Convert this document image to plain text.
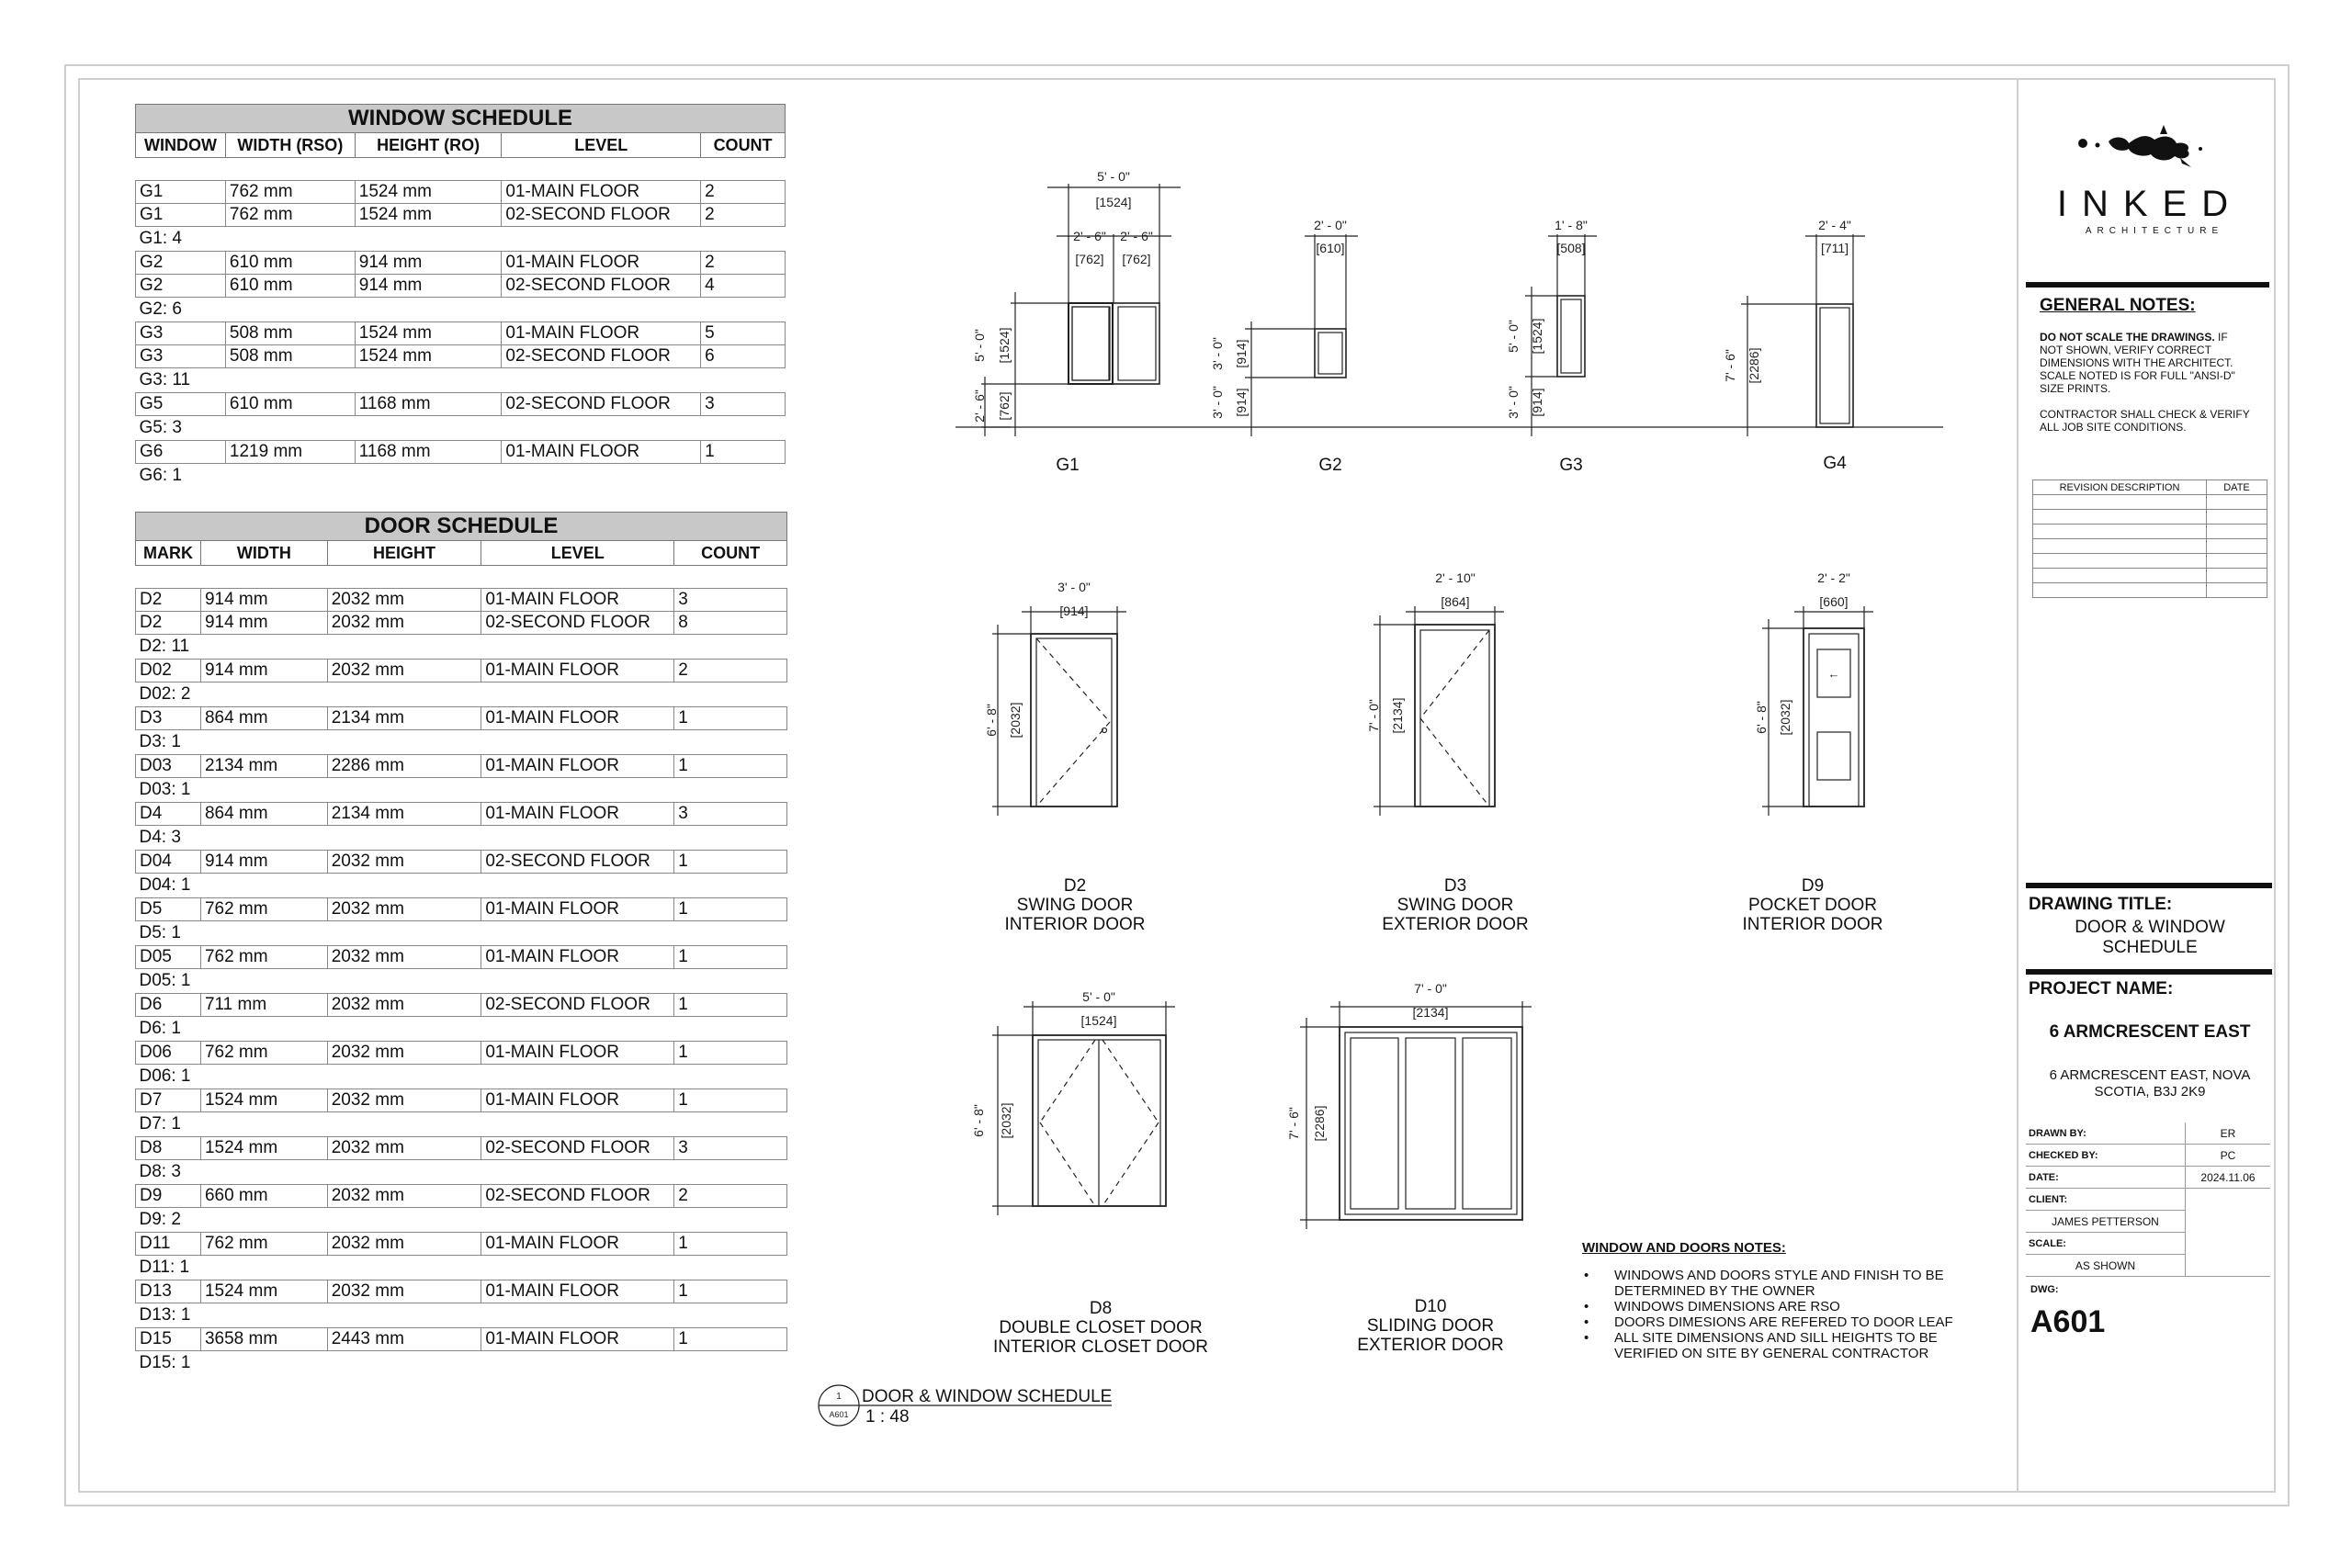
WINDOW SCHEDULE				
WINDOW	WIDTH (RSO)	HEIGHT (RO)	LEVEL	COUNT

G1	762 mm	1524 mm	01-MAIN FLOOR	2
G1	762 mm	1524 mm	02-SECOND FLOOR	2
G1: 4				
G2	610 mm	914 mm	01-MAIN FLOOR	2
G2	610 mm	914 mm	02-SECOND FLOOR	4
G2: 6				
G3	508 mm	1524 mm	01-MAIN FLOOR	5
G3	508 mm	1524 mm	02-SECOND FLOOR	6
G3: 11				
G5	610 mm	1168 mm	02-SECOND FLOOR	3
G5: 3				
G6	1219 mm	1168 mm	01-MAIN FLOOR	1
G6: 1				
DOOR SCHEDULE				
MARK	WIDTH	HEIGHT	LEVEL	COUNT

D2	914 mm	2032 mm	01-MAIN FLOOR	3
D2	914 mm	2032 mm	02-SECOND FLOOR	8
D2: 11				
D02	914 mm	2032 mm	01-MAIN FLOOR	2
D02: 2				
D3	864 mm	2134 mm	01-MAIN FLOOR	1
D3: 1				
D03	2134 mm	2286 mm	01-MAIN FLOOR	1
D03: 1				
D4	864 mm	2134 mm	01-MAIN FLOOR	3
D4: 3				
D04	914 mm	2032 mm	02-SECOND FLOOR	1
D04: 1				
D5	762 mm	2032 mm	01-MAIN FLOOR	1
D5: 1				
D05	762 mm	2032 mm	01-MAIN FLOOR	1
D05: 1				
D6	711 mm	2032 mm	02-SECOND FLOOR	1
D6: 1				
D06	762 mm	2032 mm	01-MAIN FLOOR	1
D06: 1				
D7	1524 mm	2032 mm	01-MAIN FLOOR	1
D7: 1				
D8	1524 mm	2032 mm	02-SECOND FLOOR	3
D8: 3				
D9	660 mm	2032 mm	02-SECOND FLOOR	2
D9: 2				
D11	762 mm	2032 mm	01-MAIN FLOOR	1
D11: 1				
D13	1524 mm	2032 mm	01-MAIN FLOOR	1
D13: 1				
D15	3658 mm	2443 mm	01-MAIN FLOOR	1
D15: 1				
5' - 0"
[1524]
2' - 6" 2' - 6"
[762] [762]
5' - 0" [1524]
2' - 6" [762]
2' - 0"
[610]
3' - 0" [914]
3' - 0" [914]
1' - 8"
[508]
5' - 0" [1524]
3' - 0" [914]
2' - 4"
[711]
7' - 6" [2286]
3' - 0"
[914]
6' - 8" [2032]
2' - 10"
[864]
7' - 0" [2134]
2' - 2"
[660]
6' - 8" [2032]
←
5' - 0"
[1524]
6' - 8" [2032]
7' - 0"
[2134]
7' - 6" [2286]
1
A601
G1	G2	G3	G4
D2
SWING DOOR
INTERIOR DOOR
D3
SWING DOOR
EXTERIOR DOOR
D9
POCKET DOOR
INTERIOR DOOR
D8
DOUBLE CLOSET DOOR
INTERIOR CLOSET DOOR
D10
SLIDING DOOR
EXTERIOR DOOR
DOOR & WINDOW SCHEDULE
1 : 48
WINDOW AND DOORS NOTES:
• WINDOWS AND DOORS STYLE AND FINISH TO BE DETERMINED BY THE OWNER
• WINDOWS DIMENSIONS ARE RSO
• DOORS DIMESIONS ARE REFERED TO DOOR LEAF
• ALL SITE DIMENSIONS AND SILL HEIGHTS TO BE VERIFIED ON SITE BY GENERAL CONTRACTOR
INKED
ARCHITECTURE
GENERAL NOTES:
DO NOT SCALE THE DRAWINGS. IF NOT SHOWN, VERIFY CORRECT DIMENSIONS WITH THE ARCHITECT. SCALE NOTED IS FOR FULL "ANSI-D" SIZE PRINTS.

CONTRACTOR SHALL CHECK & VERIFY ALL JOB SITE CONDITIONS.
REVISION DESCRIPTION	DATE

DRAWING TITLE:
DOOR & WINDOW
SCHEDULE
PROJECT NAME:
6 ARMCRESCENT EAST
6 ARMCRESCENT EAST, NOVA
SCOTIA, B3J 2K9
DRAWN BY:	ER
CHECKED BY:	PC
DATE:	2024.11.06
CLIENT:	
JAMES PETTERSON	
SCALE:	
AS SHOWN	
DWG:
A601
